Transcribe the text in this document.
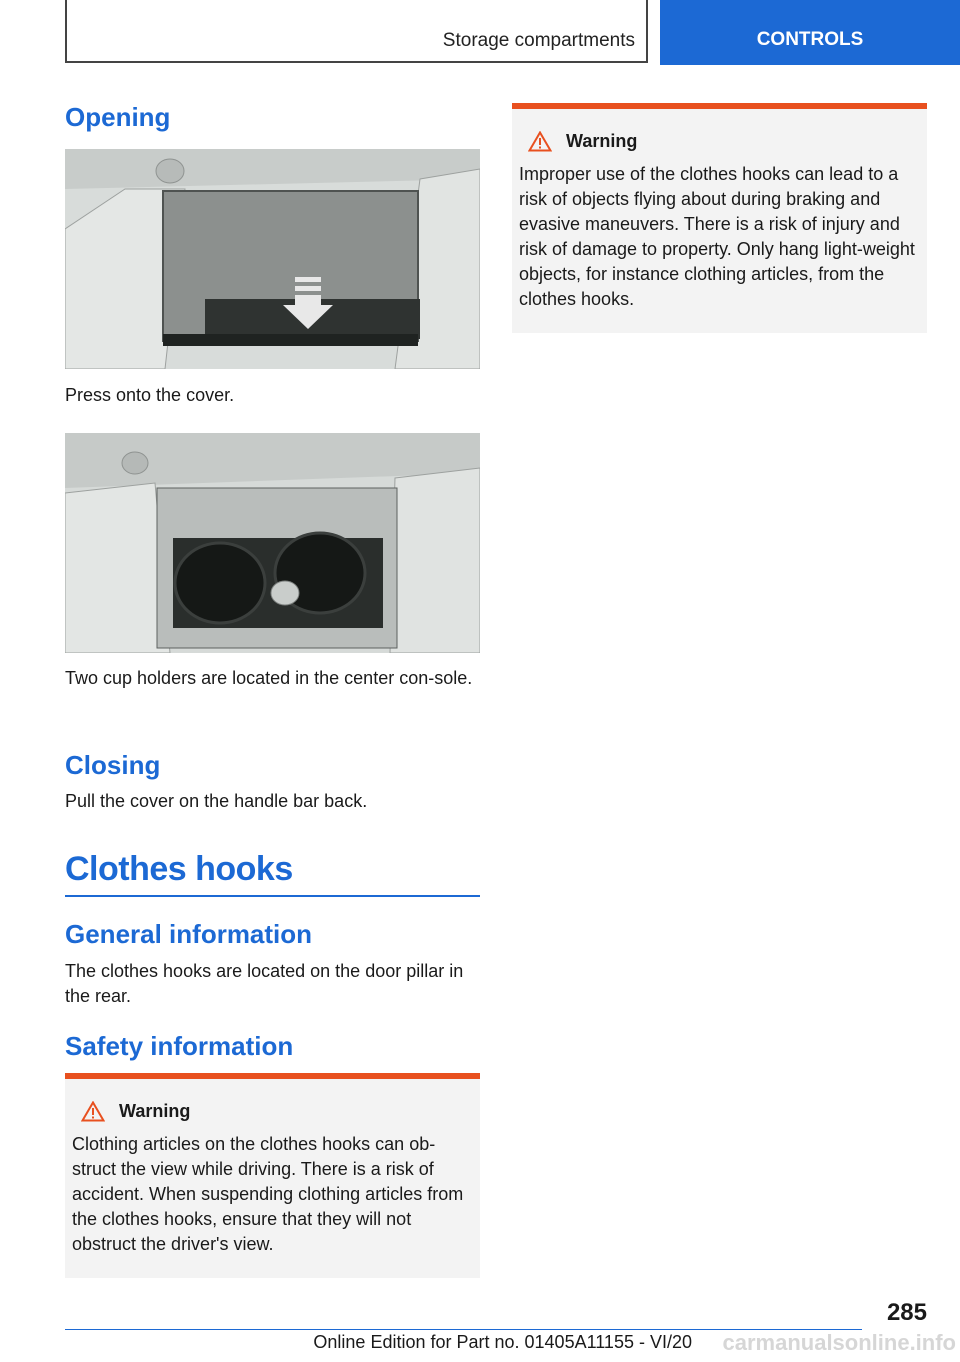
Storage compartments	CONTROLS
Opening

Press onto the cover.

Two cup holders are located in the center con-sole.

Closing

Pull the cover on the handle bar back.

Clothes hooks
General information

The clothes hooks are located on the door pillar in the rear.

Safety information
Warning
Clothing articles on the clothes hooks can ob-struct the view while driving. There is a risk of accident. When suspending clothing articles from the clothes hooks, ensure that they will not obstruct the driver's view.
Warning
Improper use of the clothes hooks can lead to a risk of objects flying about during braking and evasive maneuvers. There is a risk of injury and risk of damage to property. Only hang light-weight objects, for instance clothing articles, from the clothes hooks.
285
Online Edition for Part no. 01405A11155 - VI/20 carmanualsonline.info
